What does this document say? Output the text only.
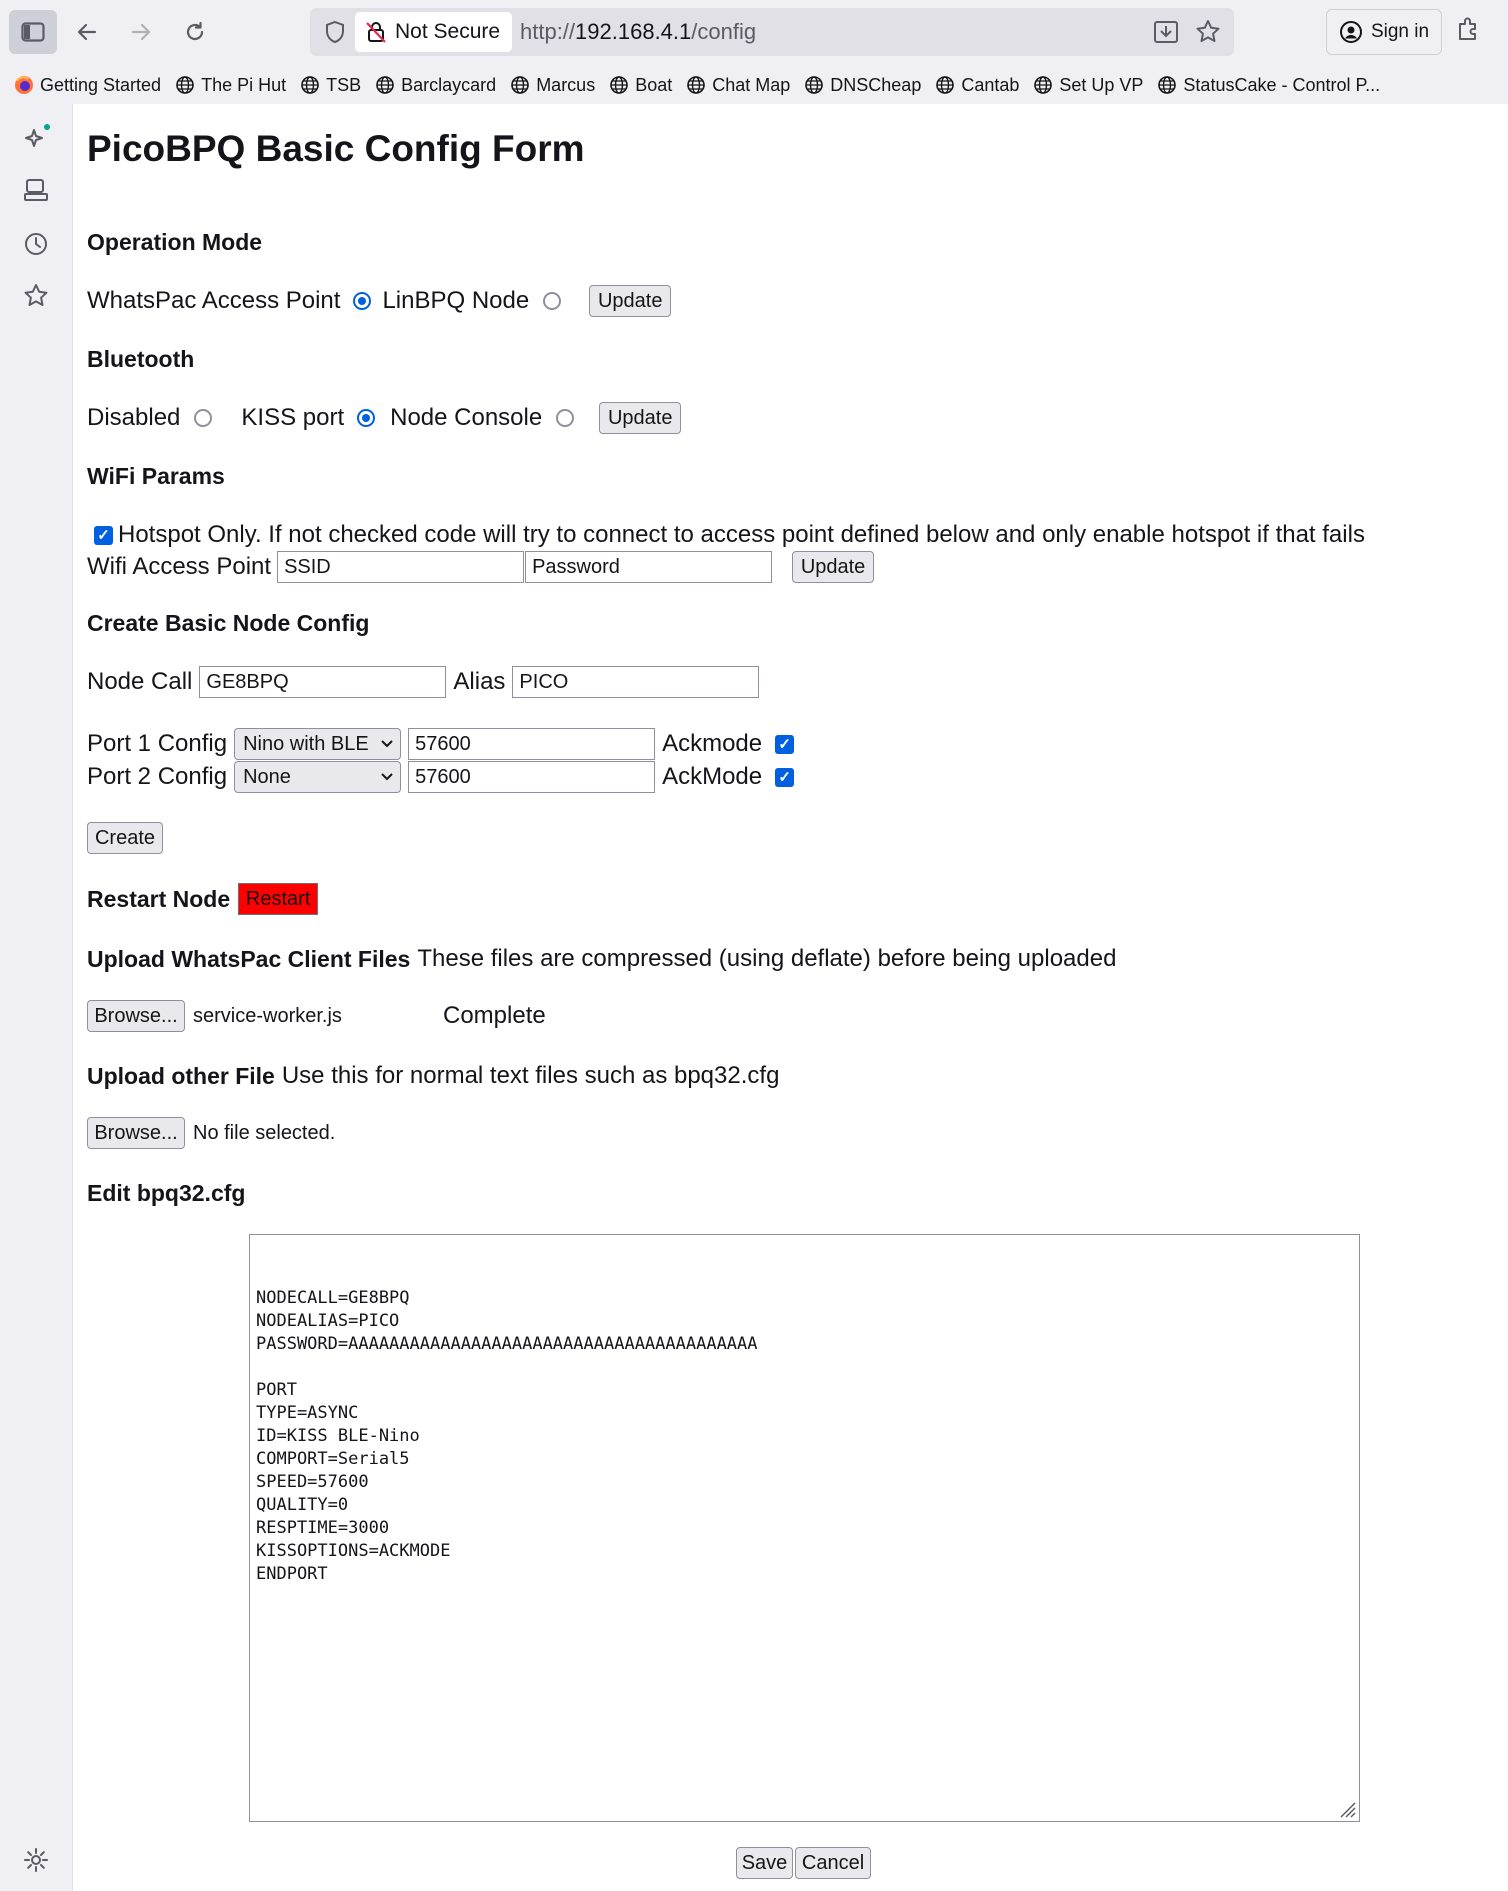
Not Secure http://192.168.4.1/config	Sign in
Getting Started The Pi Hut TSB Barclaycard Marcus Boat Chat Map DNSCheap Cantab Set Up VP StatusCake - Control P...
PicoBPQ Basic Config Form
Operation Mode
WhatsPac Access Point LinBPQ Node	Update
Bluetooth
Disabled	KISS port Node Console	Update
WiFi Params
✓ Hotspot Only. If not checked code will try to connect to access point defined below and only enable hotspot if that fails
Wifi Access Point SSID	Password	Update
Create Basic Node Config
Node Call GE8BPQ	Alias PICO
Port 1 Config Nino with BLE	57600	Ackmode ✓
Port 2 Config None	57600	AckMode ✓
Create
Restart Node Restart
Upload WhatsPac Client Files These files are compressed (using deflate) before being uploaded
Browse... service-worker.js	Complete
Upload other File Use this for normal text files such as bpq32.cfg
Browse... No file selected.
Edit bpq32.cfg

NODECALL=GE8BPQ
NODEALIAS=PICO
PASSWORD=AAAAAAAAAAAAAAAAAAAAAAAAAAAAAAAAAAAAAAAA

PORT
TYPE=ASYNC
ID=KISS BLE-Nino
COMPORT=Serial5
SPEED=57600
QUALITY=0
RESPTIME=3000
KISSOPTIONS=ACKMODE
ENDPORT

Save Cancel
